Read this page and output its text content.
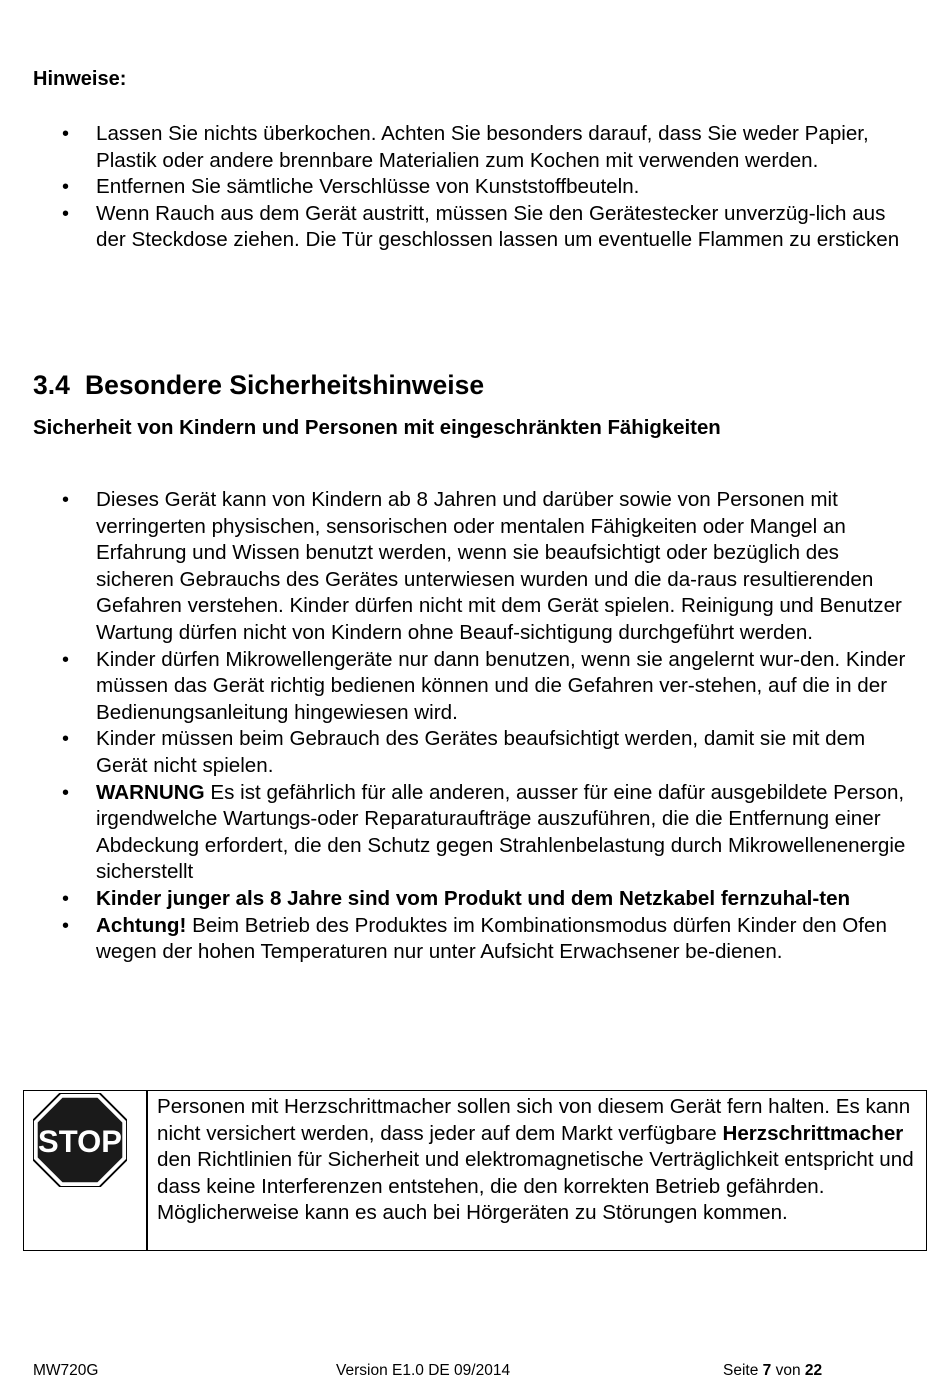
Hinweise:
• Lassen Sie nichts überkochen. Achten Sie besonders darauf, dass Sie weder Papier, Plastik oder andere brennbare Materialien zum Kochen mit verwenden werden.
• Entfernen Sie sämtliche Verschlüsse von Kunststoffbeuteln.
• Wenn Rauch aus dem Gerät austritt, müssen Sie den Gerätestecker unverzüg-lich aus der Steckdose ziehen. Die Tür geschlossen lassen um eventuelle Flammen zu ersticken
3.4 Besondere Sicherheitshinweise
Sicherheit von Kindern und Personen mit eingeschränkten Fähigkeiten
• Dieses Gerät kann von Kindern ab 8 Jahren und darüber sowie von Personen mit verringerten physischen, sensorischen oder mentalen Fähigkeiten oder Mangel an Erfahrung und Wissen benutzt werden, wenn sie beaufsichtigt oder bezüglich des sicheren Gebrauchs des Gerätes unterwiesen wurden und die da-raus resultierenden Gefahren verstehen. Kinder dürfen nicht mit dem Gerät spielen. Reinigung und Benutzer Wartung dürfen nicht von Kindern ohne Beauf-sichtigung durchgeführt werden.
• Kinder dürfen Mikrowellengeräte nur dann benutzen, wenn sie angelernt wur-den. Kinder müssen das Gerät richtig bedienen können und die Gefahren ver-stehen, auf die in der Bedienungsanleitung hingewiesen wird.
• Kinder müssen beim Gebrauch des Gerätes beaufsichtigt werden, damit sie mit dem Gerät nicht spielen.
• WARNUNG Es ist gefährlich für alle anderen, ausser für eine dafür ausgebildete Person, irgendwelche Wartungs-oder Reparaturaufträge auszuführen, die die Entfernung einer Abdeckung erfordert, die den Schutz gegen Strahlenbelastung durch Mikrowellenenergie sicherstellt
• Kinder junger als 8 Jahre sind vom Produkt und dem Netzkabel fernzuhal-ten
• Achtung! Beim Betrieb des Produktes im Kombinationsmodus dürfen Kinder den Ofen wegen der hohen Temperaturen nur unter Aufsicht Erwachsener be-dienen.
STOP
Personen mit Herzschrittmacher sollen sich von diesem Gerät fern halten. Es kann nicht versichert werden, dass jeder auf dem Markt verfügbare Herzschrittmacher den Richtlinien für Sicherheit und elektromagnetische Verträglichkeit entspricht und dass keine Interferenzen entstehen, die den korrekten Betrieb gefährden. Möglicherweise kann es auch bei Hörgeräten zu Störungen kommen.
MW720G	Version E1.0 DE 09/2014	Seite 7 von 22
